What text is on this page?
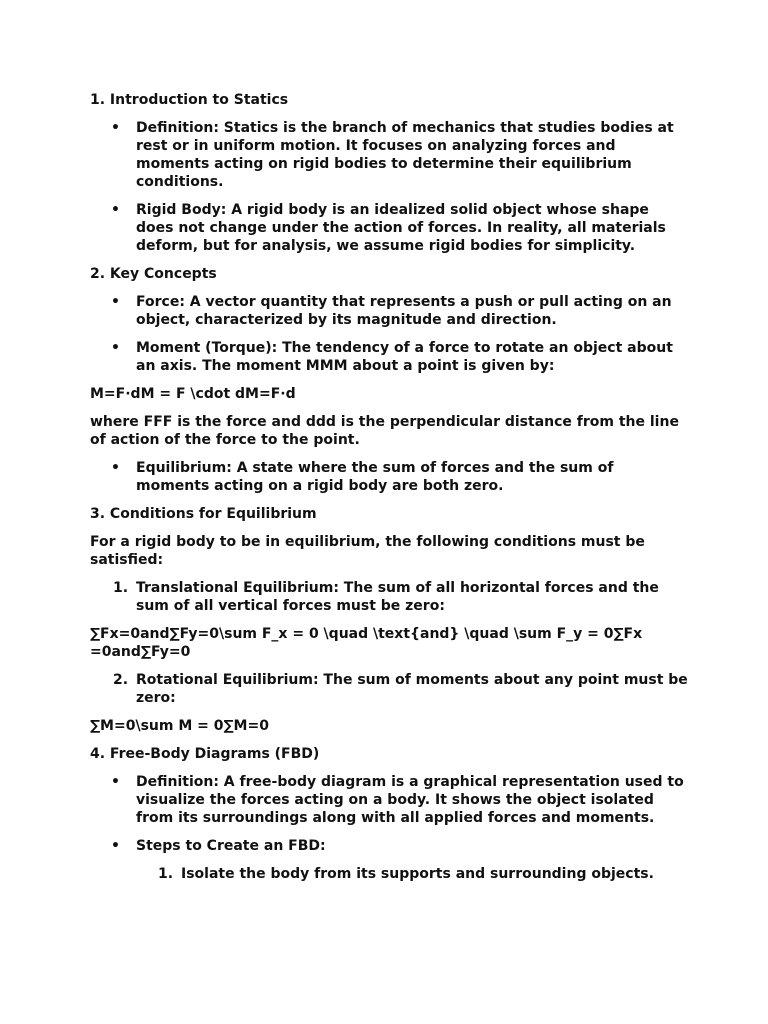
1. Introduction to Statics

• Definition: Statics is the branch of mechanics that studies bodies at rest or in uniform motion. It focuses on analyzing forces and moments acting on rigid bodies to determine their equilibrium conditions.
• Rigid Body: A rigid body is an idealized solid object whose shape does not change under the action of forces. In reality, all materials deform, but for analysis, we assume rigid bodies for simplicity.

2. Key Concepts

• Force: A vector quantity that represents a push or pull acting on an object, characterized by its magnitude and direction.
• Moment (Torque): The tendency of a force to rotate an object about an axis. The moment MMM about a point is given by:

M=F⋅dM = F \cdot dM=F⋅d

where FFF is the force and ddd is the perpendicular distance from the line of action of the force to the point.

• Equilibrium: A state where the sum of forces and the sum of moments acting on a rigid body are both zero.

3. Conditions for Equilibrium

For a rigid body to be in equilibrium, the following conditions must be satisfied:

1. Translational Equilibrium: The sum of all horizontal forces and the sum of all vertical forces must be zero:

∑Fx=0and∑Fy=0\sum F_x = 0 \quad \text{and} \quad \sum F_y = 0∑Fx =0and∑Fy=0

2. Rotational Equilibrium: The sum of moments about any point must be zero:

∑M=0\sum M = 0∑M=0

4. Free-Body Diagrams (FBD)

• Definition: A free-body diagram is a graphical representation used to visualize the forces acting on a body. It shows the object isolated from its surroundings along with all applied forces and moments.
• Steps to Create an FBD:
1. Isolate the body from its supports and surrounding objects.
